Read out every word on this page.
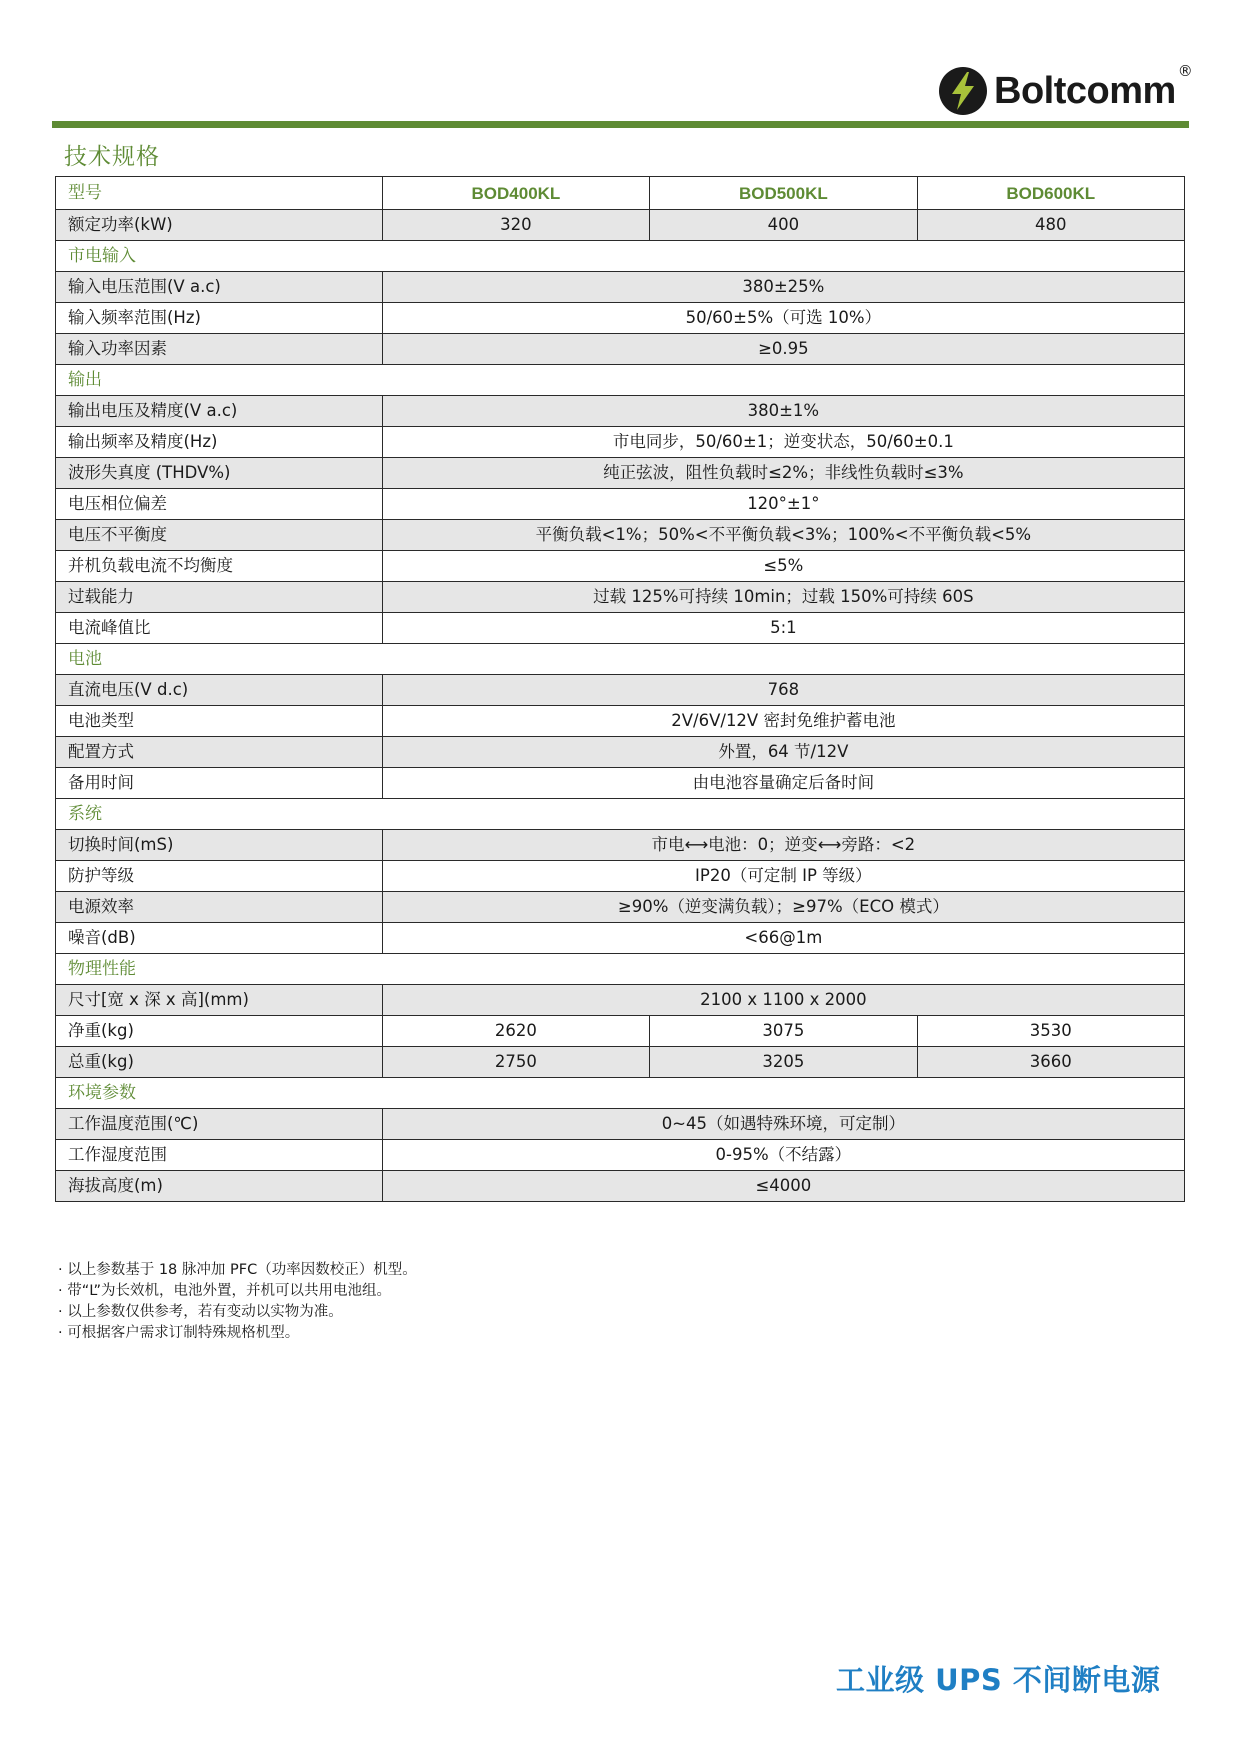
Boltcomm ®
技术规格
型号	BOD400KL	BOD500KL	BOD600KL
额定功率(kW)	320	400	480
市电输入			
输入电压范围(V a.c)	380±25%		
输入频率范围(Hz)	50/60±5%（可选 10%）		
输入功率因素	≥0.95		
输出			
输出电压及精度(V a.c)	380±1%		
输出频率及精度(Hz)	市电同步，50/60±1；逆变状态，50/60±0.1		
波形失真度 (THDV%)	纯正弦波，阻性负载时≤2%；非线性负载时≤3%		
电压相位偏差	120°±1°		
电压不平衡度	平衡负载<1%；50%<不平衡负载<3%；100%<不平衡负载<5%		
并机负载电流不均衡度	≤5%		
过载能力	过载 125%可持续 10min；过载 150%可持续 60S		
电流峰值比	5:1		
电池			
直流电压(V d.c)	768		
电池类型	2V/6V/12V 密封免维护蓄电池		
配置方式	外置，64 节/12V		
备用时间	由电池容量确定后备时间		
系统			
切换时间(mS)	市电⟷电池：0；逆变⟷旁路：<2		
防护等级	IP20（可定制 IP 等级）		
电源效率	≥90%（逆变满负载）；≥97%（ECO 模式）		
噪音(dB)	<66@1m		
物理性能			
尺寸[宽 x 深 x 高](mm)	2100 x 1100 x 2000		
净重(kg)	2620	3075	3530
总重(kg)	2750	3205	3660
环境参数			
工作温度范围(℃)	0~45（如遇特殊环境，可定制）		
工作湿度范围	0-95%（不结露）		
海拔高度(m)	≤4000		
· 以上参数基于 18 脉冲加 PFC（功率因数校正）机型。
· 带“L”为长效机，电池外置，并机可以共用电池组。
· 以上参数仅供参考，若有变动以实物为准。
· 可根据客户需求订制特殊规格机型。
工业级 UPS 不间断电源
